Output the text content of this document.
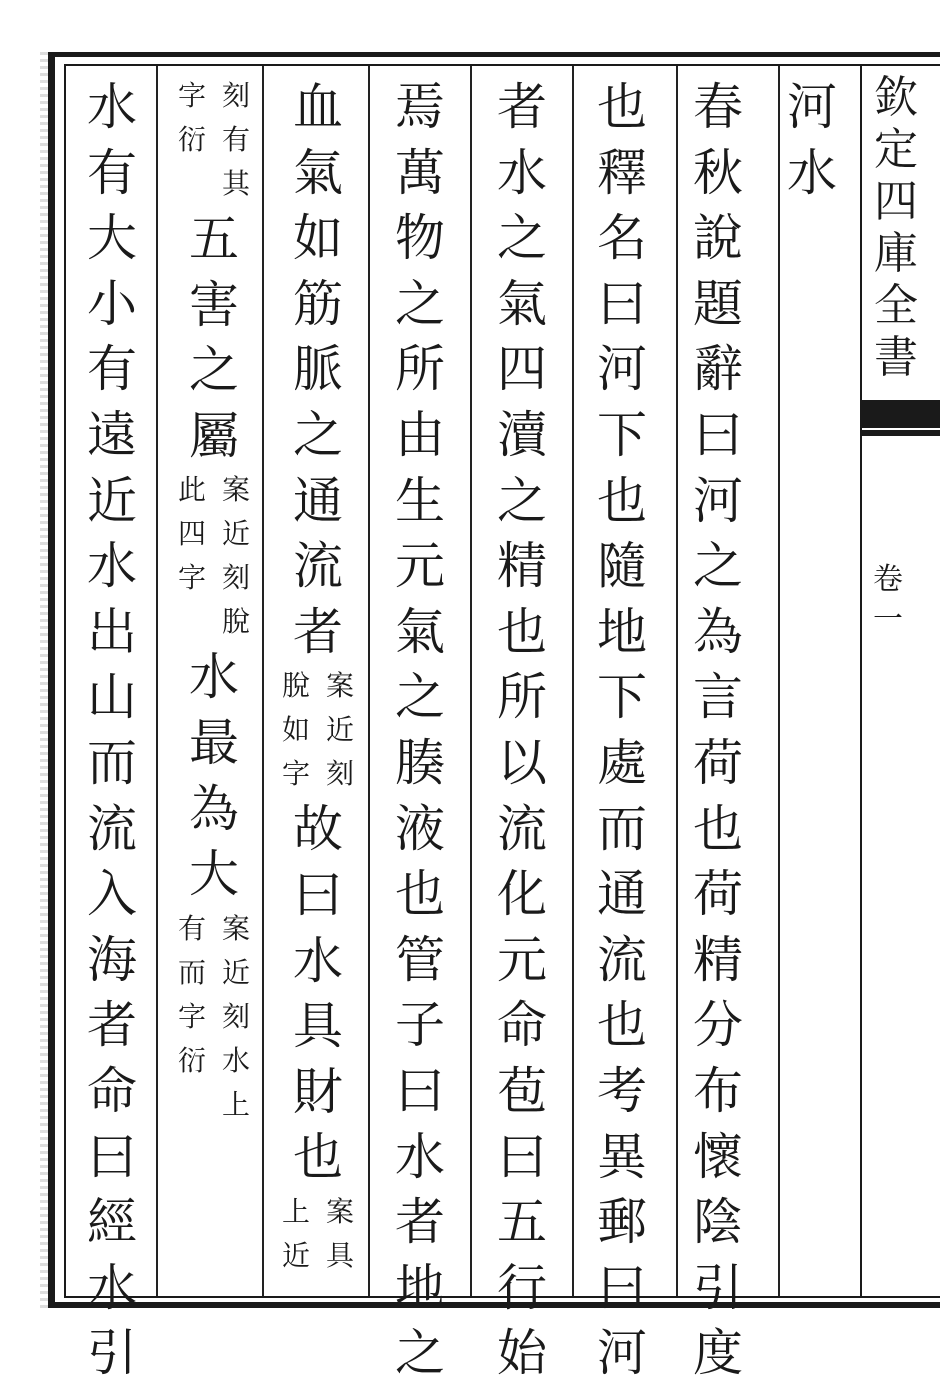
欽
定
四
庫
全
書
卷
一
河
水
春
秋
說
題
辭
曰
河
之
為
言
荷
也
荷
精
分
布
懷
陰
引
度
也
釋
名
曰
河
下
也
隨
地
下
處
而
通
流
也
考
異
郵
曰
河
者
水
之
氣
四
瀆
之
精
也
所
以
流
化
元
命
苞
曰
五
行
始
焉
萬
物
之
所
由
生
元
氣
之
腠
液
也
管
子
曰
水
者
地
之
血
氣
如
筋
脈
之
通
流
者
案
近
刻
脫
如
字
故
曰
水
具
財
也
案
具
上
近
刻
有
其
字
衍
五
害
之
屬
案
近
刻
脫
此
四
字
水
最
為
大
案
近
刻
水
上
有
而
字
衍
水
有
大
小
有
遠
近
水
出
山
而
流
入
海
者
命
曰
經
水
引
